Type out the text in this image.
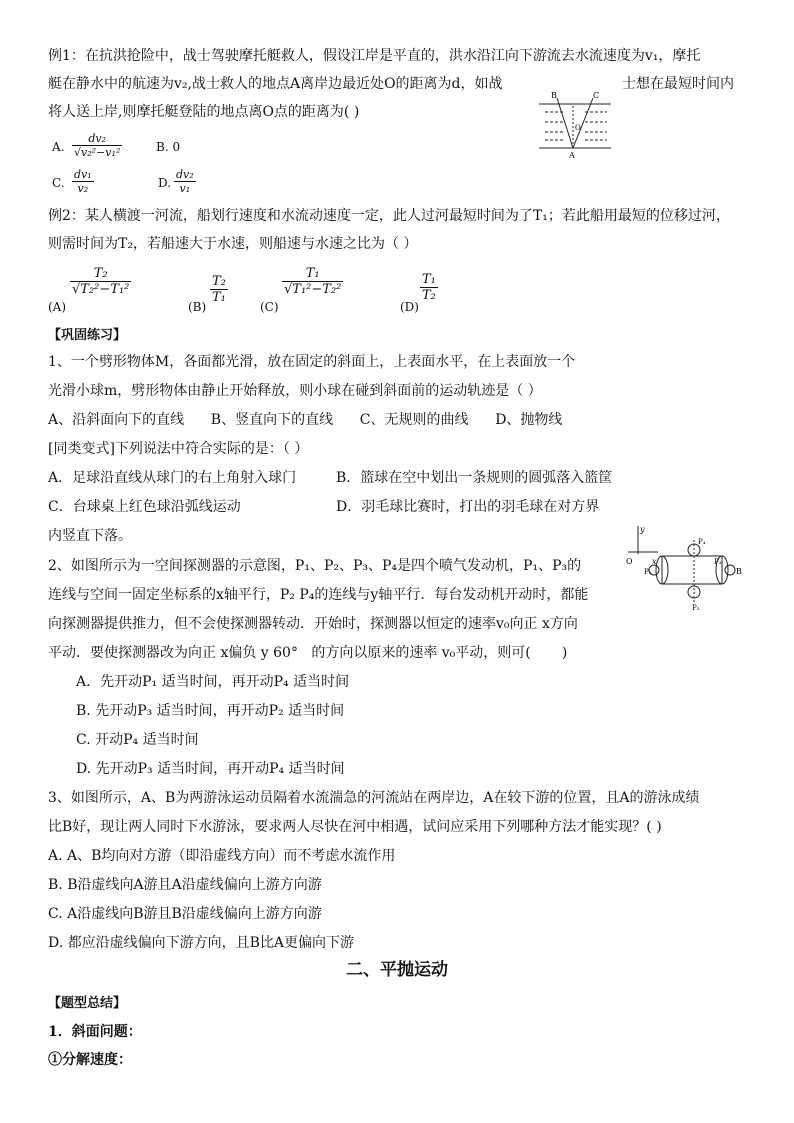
例1：在抗洪抢险中，战士驾驶摩托艇救人，假设江岸是平直的，洪水沿江向下游流去水流速度为v₁，摩托
艇在静水中的航速为v₂,战士救人的地点A离岸边最近处O的距离为d，如战	士想在最短时间内
将人送上岸,则摩托艇登陆的地点离O点的距离为( )
B	C
A
O
A. $\frac{\text{dv₂}}{\text{√v₂²−v₁²}}$	B. 0
C. $\frac{\text{dv₁}}{\text{v₂}}$	D. $\frac{\text{dv₂}}{\text{v₁}}$
例2：某人横渡一河流，船划行速度和水流动速度一定，此人过河最短时间为了T₁；若此船用最短的位移过河，
则需时间为T₂，若船速大于水速，则船速与水速之比为（ ）
(A)
$\frac{\text{T₂}}{\text{√T₂²−T₁²}}$
(B)
$\frac{\text{T₂}}{\text{T₁}}$
(C)
$\frac{\text{T₁}}{\text{√T₁²−T₂²}}$
(D)
$\frac{\text{T₁}}{\text{T₂}}$
【巩固练习】
1、一个劈形物体M，各面都光滑，放在固定的斜面上，上表面水平，在上表面放一个
光滑小球m，劈形物体由静止开始释放，则小球在碰到斜面前的运动轨迹是（ ）
A、沿斜面向下的直线      B、竖直向下的直线      C、无规则的曲线      D、抛物线
[同类变式]下列说法中符合实际的是：（ ）
A．足球沿直线从球门的右上角射入球门	B．篮球在空中划出一条规则的圆弧落入篮筐
C．台球桌上红色球沿弧线运动	D．羽毛球比赛时，打出的羽毛球在对方界
内竖直下落。
2、如图所示为一空间探测器的示意图，P₁、P₂、P₃、P₄是四个喷气发动机，P₁、P₃的
连线与空间一固定坐标系的x轴平行，P₂ P₄的连线与y轴平行．每台发动机开动时，都能
向探测器提供推力，但不会使探测器转动．开始时，探测器以恒定的速率v₀向正 x方向
平动．要使探测器改为向正 x偏负 y 60°   的方向以原来的速率 v₀平动，则可(       )
y
O x
P₄
P₁
P₂
P₃
B
A．先开动P₁ 适当时间，再开动P₄ 适当时间
B. 先开动P₃ 适当时间，再开动P₂ 适当时间
C. 开动P₄ 适当时间
D. 先开动P₃ 适当时间，再开动P₄ 适当时间
3、如图所示，A、B为两游泳运动员隔着水流湍急的河流站在两岸边，A在较下游的位置，且A的游泳成绩
比B好，现让两人同时下水游泳，要求两人尽快在河中相遇，试问应采用下列哪种方法才能实现？( )
A. A、B均向对方游（即沿虚线方向）而不考虑水流作用
B. B沿虚线向A游且A沿虚线偏向上游方向游
C. A沿虚线向B游且B沿虚线偏向上游方向游
D. 都应沿虚线偏向下游方向，且B比A更偏向下游
二、平抛运动
【题型总结】
1．斜面问题：
①分解速度：
